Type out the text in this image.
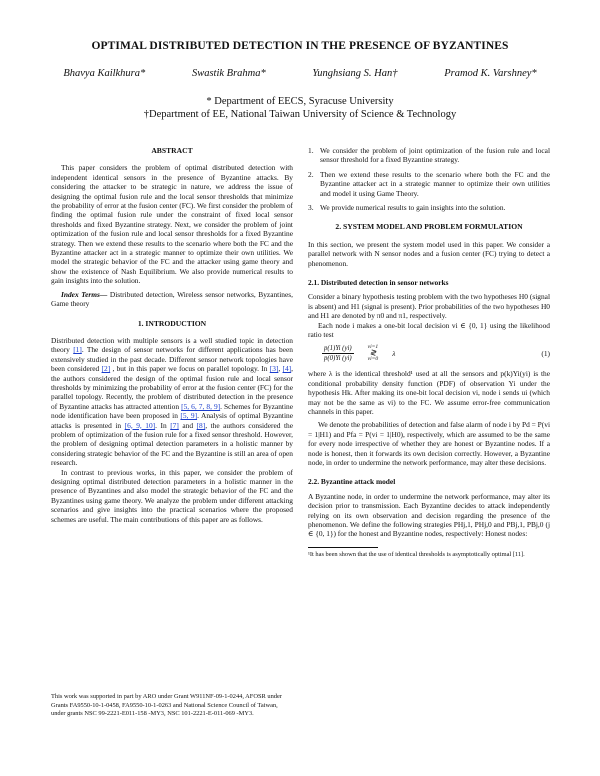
OPTIMAL DISTRIBUTED DETECTION IN THE PRESENCE OF BYZANTINES
Bhavya Kailkhura*	Swastik Brahma*	Yunghsiang S. Han†	Pramod K. Varshney*
* Department of EECS, Syracuse University
†Department of EE, National Taiwan University of Science & Technology
ABSTRACT

This paper considers the problem of optimal distributed detection with independent identical sensors in the presence of Byzantine attacks. By considering the attacker to be strategic in nature, we address the issue of designing the optimal fusion rule and the local sensor thresholds that minimize the probability of error at the fusion center (FC). We first consider the problem of finding the optimal fusion rule under the constraint of fixed local sensor thresholds and fixed Byzantine strategy. Next, we consider the problem of joint optimization of the fusion rule and local sensor thresholds for a fixed Byzantine strategy. Then we extend these results to the scenario where both the FC and the Byzantine attacker act in a strategic manner to optimize their own utilities. We model the strategic behavior of the FC and the attacker using game theory and show the existence of Nash Equilibrium. We also provide numerical results to gain insights into the solution.

Index Terms— Distributed detection, Wireless sensor networks, Byzantines, Game theory

1. INTRODUCTION

Distributed detection with multiple sensors is a well studied topic in detection theory [1]. The design of sensor networks for different applications has been extensively studied in the past decade. Different sensor network topologies have been considered [2] , but in this paper we focus on parallel topology. In [3], [4], the authors considered the design of the optimal fusion rule and local sensor thresholds by minimizing the probability of error at the fusion center (FC) for the parallel topology. Recently, the problem of distributed detection in the presence of Byzantine attacks has attracted attention [5, 6, 7, 8, 9]. Schemes for Byzantine node identification have been proposed in [5, 9]. Analysis of optimal Byzantine attacks is presented in [6, 9, 10]. In [7] and [8], the authors considered the problem of optimization of the fusion rule for a fixed sensor threshold. However, the problem of designing optimal detection parameters in a holistic manner by considering strategic behavior of the FC and the Byzantine is still an area of open research.

In contrast to previous works, in this paper, we consider the problem of designing optimal distributed detection parameters in a holistic manner in the presence of Byzantines and also model the strategic behavior of the FC and the Byzantines using game theory. We analyze the problem under different attacking scenarios and give insights into the practical scenarios where the proposed schemes are useful. The main contributions of this paper are as follows.

This work was supported in part by ARO under Grant W911NF-09-1-0244, AFOSR under Grants FA9550-10-1-0458, FA9550-10-1-0263 and National Science Council of Taiwan, under grants NSC 99-2221-E011-158 -MY3, NSC 101-2221-E-011-069 -MY3.
1. We consider the problem of joint optimization of the fusion rule and local sensor threshold for a fixed Byzantine strategy.
2. Then we extend these results to the scenario where both the FC and the Byzantine attacker act in a strategic manner to optimize their own utilities and model it using Game Theory.
3. We provide numerical results to gain insights into the solution.
2. SYSTEM MODEL AND PROBLEM FORMULATION

In this section, we present the system model used in this paper. We consider a parallel network with N sensor nodes and a fusion center (FC) trying to detect a phenomenon.

2.1. Distributed detection in sensor networks

Consider a binary hypothesis testing problem with the two hypotheses H0 (signal is absent) and H1 (signal is present). Prior probabilities of the two hypotheses H0 and H1 are denoted by π0 and π1, respectively.

Each node i makes a one-bit local decision vi ∈ {0, 1} using the likelihood ratio test

$\frac{p(1)Yi (yi)}{p(0)Yi (yi)}$	vi=1
≷
vi=0
λ	(1)

where λ is the identical threshold¹ used at all the sensors and p(k)Yi(yi) is the conditional probability density function (PDF) of observation Yi under the hypothesis Hk. After making its one-bit local decision vi, node i sends ui (which may not be the same as vi) to the FC. We assume error-free communication channels in this paper.

We denote the probabilities of detection and false alarm of node i by Pd = P(vi = 1|H1) and Pfa = P(vi = 1|H0), respectively, which are assumed to be the same for every node irrespective of whether they are honest or Byzantine nodes. If a node is honest, then it forwards its own decision correctly. However, a Byzantine node, in order to undermine the network performance, may alter these decisions.

2.2. Byzantine attack model

A Byzantine node, in order to undermine the network performance, may alter its decision prior to transmission. Each Byzantine decides to attack independently relying on its own observation and decision regarding the presence of the phenomenon. We define the following strategies PHj,1, PHj,0 and PBj,1, PBj,0 (j ∈ {0, 1}) for the honest and Byzantine nodes, respectively: Honest nodes:

¹It has been shown that the use of identical thresholds is asymptotically optimal [11].
